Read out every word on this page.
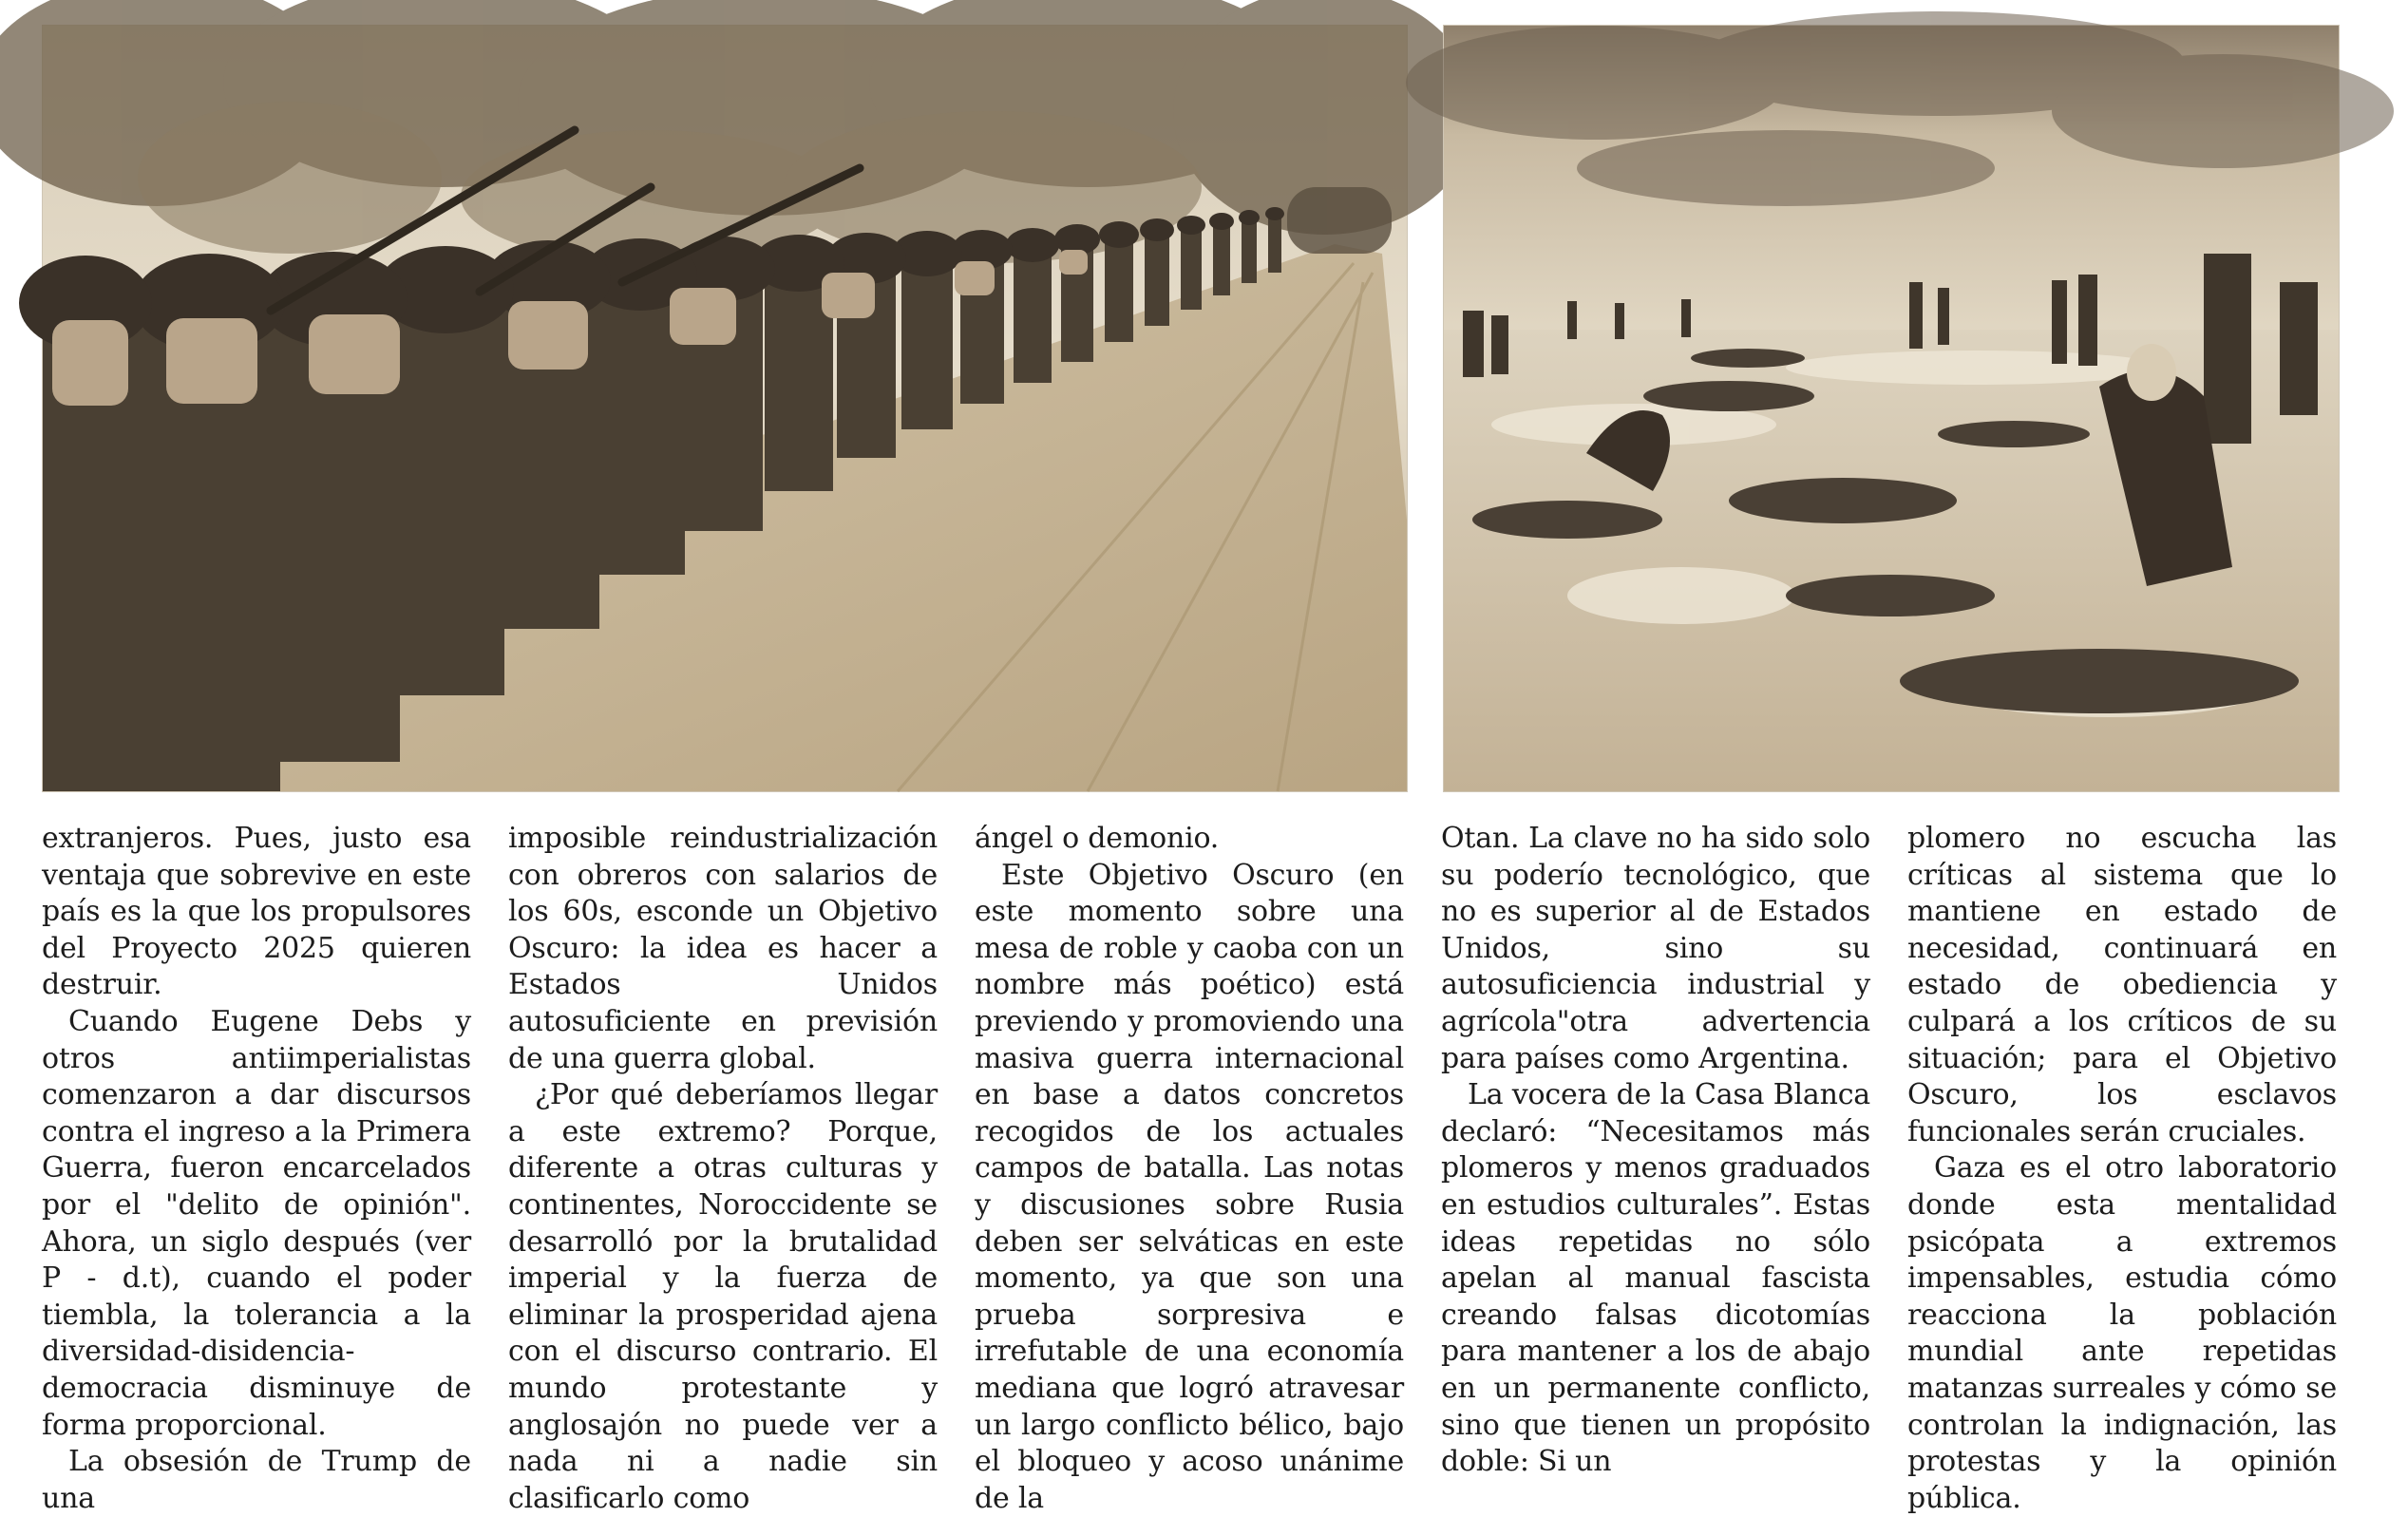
extranjeros. Pues, justo esa ventaja que sobrevive en este país es la que los propulsores del Proyecto 2025 quieren destruir.

Cuando Eugene Debs y otros antiimperialistas comenzaron a dar discursos contra el ingreso a la Primera Guerra, fueron encarcelados por el "delito de opinión". Ahora, un siglo después (ver P - d.t), cuando el poder tiembla, la tolerancia a la diversidad-disidencia-democracia disminuye de forma proporcional.

La obsesión de Trump de una

imposible reindustrialización con obreros con salarios de los 60s, esconde un Objetivo Oscuro: la idea es hacer a Estados Unidos autosuficiente en previsión de una guerra global.

¿Por qué deberíamos llegar a este extremo? Porque, diferente a otras culturas y continentes, Noroccidente se desarrolló por la brutalidad imperial y la fuerza de eliminar la prosperidad ajena con el discurso contrario. El mundo protestante y anglosajón no puede ver a nada ni a nadie sin clasificarlo como

ángel o demonio.

Este Objetivo Oscuro (en este momento sobre una mesa de roble y caoba con un nombre más poético) está previendo y promoviendo una masiva guerra internacional en base a datos concretos recogidos de los actuales campos de batalla. Las notas y discusiones sobre Rusia deben ser selváticas en este momento, ya que son una prueba sorpresiva e irrefutable de una economía mediana que logró atravesar un largo conflicto bélico, bajo el bloqueo y acoso unánime de la

Otan. La clave no ha sido solo su poderío tecnológico, que no es superior al de Estados Unidos, sino su autosuficiencia industrial y agrícola"otra advertencia para países como Argentina.

La vocera de la Casa Blanca declaró: “Necesitamos más plomeros y menos graduados en estudios culturales”. Estas ideas repetidas no sólo apelan al manual fascista creando falsas dicotomías para mantener a los de abajo en un permanente conflicto, sino que tienen un propósito doble: Si un

plomero no escucha las críticas al sistema que lo mantiene en estado de necesidad, continuará en estado de obediencia y culpará a los críticos de su situación; para el Objetivo Oscuro, los esclavos funcionales serán cruciales.

Gaza es el otro laboratorio donde esta mentalidad psicópata a extremos impensables, estudia cómo reacciona la población mundial ante repetidas matanzas surreales y cómo se controlan la indignación, las protestas y la opinión pública.
